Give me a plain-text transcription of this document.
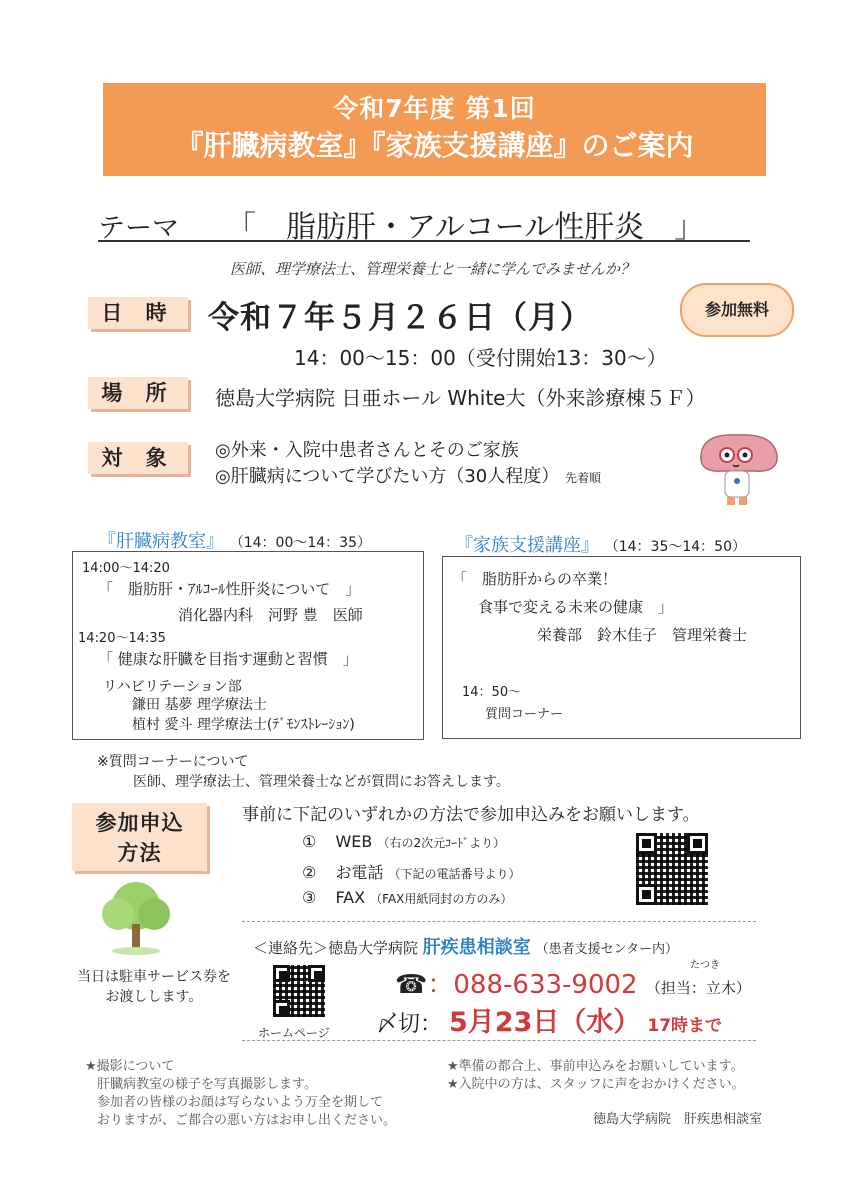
令和7年度 第1回
『肝臓病教室』『家族支援講座』のご案内
テーマ 「　脂肪肝・アルコール性肝炎　」
医師、理学療法士、管理栄養士と一緒に学んでみませんか？
参加無料
日 時	令和７年５月２６日（月）
14：00～15：00（受付開始13：30～）
場 所	徳島大学病院 日亜ホール White大（外来診療棟５Ｆ）
対 象	◎外来・入院中患者さんとそのご家族
◎肝臓病について学びたい方（30人程度） 先着順
『肝臓病教室』 （14：00～14：35）
14:00～14:20
「　脂肪肝・ｱﾙｺｰﾙ性肝炎について　」
消化器内科　河野 豊　医師
14:20～14:35
「 健康な肝臓を目指す運動と習慣　」
リハビリテーション部
鎌田 基夢 理学療法士
植村 愛斗 理学療法士(ﾃﾞﾓﾝｽﾄﾚｰｼｮﾝ)
『家族支援講座』 （14：35～14：50）
「　脂肪肝からの卒業！
食事で変える未来の健康　」
栄養部　鈴木佳子　管理栄養士
14：50～
質問コーナー
※質問コーナーについて
医師、理学療法士、管理栄養士などが質問にお答えします。
参加申込
方法
事前に下記のいずれかの方法で参加申込みをお願いします。
① WEB （右の2次元ｺｰﾄﾞより）
② お電話 （下記の電話番号より）
③ FAX （FAX用紙同封の方のみ）
＜連絡先＞徳島大学病院 肝疾患相談室 （患者支援センター内）
当日は駐車サービス券を
お渡しします。
ホームページ
たつき
☎：088-633-9002 （担当：立木）
〆切： 5月23日（水） 17時まで
★撮影について
肝臓病教室の様子を写真撮影します。
参加者の皆様のお顔は写らないよう万全を期して
おりますが、ご都合の悪い方はお申し出ください。
★準備の都合上、事前申込みをお願いしています。
★入院中の方は、スタッフに声をおかけください。
徳島大学病院　肝疾患相談室
